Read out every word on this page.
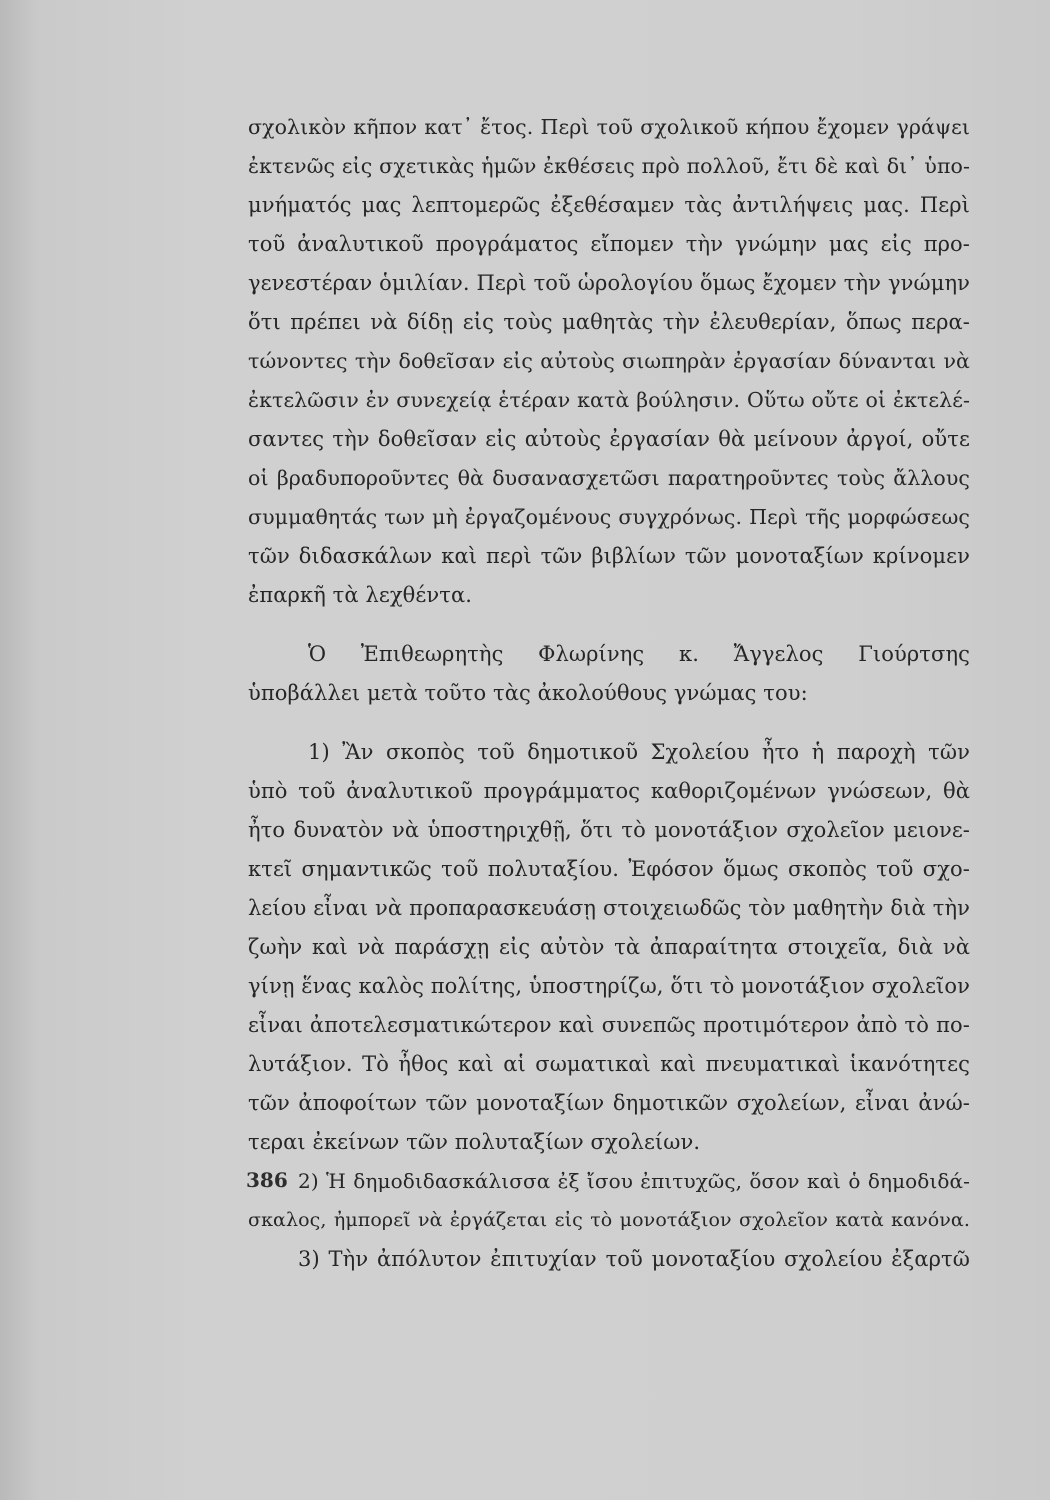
σχολικὸν κῆπον κατ᾽ ἔτος. Περὶ τοῦ σχολικοῦ κήπου ἔχομεν γράψει
ἐκτενῶς εἰς σχετικὰς ἡμῶν ἐκθέσεις πρὸ πολλοῦ, ἔτι δὲ καὶ δι᾽ ὑπο-
μνήματός μας λεπτομερῶς ἐξεθέσαμεν τὰς ἀντιλήψεις μας. Περὶ
τοῦ ἀναλυτικοῦ προγράματος εἴπομεν τὴν γνώμην μας εἰς προ-
γενεστέραν ὁμιλίαν. Περὶ τοῦ ὡρολογίου ὅμως ἔχομεν τὴν γνώμην
ὅτι πρέπει νὰ δίδῃ εἰς τοὺς μαθητὰς τὴν ἐλευθερίαν, ὅπως περα-
τώνοντες τὴν δοθεῖσαν εἰς αὐτοὺς σιωπηρὰν ἐργασίαν δύνανται νὰ
ἐκτελῶσιν ἐν συνεχείᾳ ἑτέραν κατὰ βούλησιν. Οὕτω οὔτε οἱ ἐκτελέ-
σαντες τὴν δοθεῖσαν εἰς αὐτοὺς ἐργασίαν θὰ μείνουν ἀργοί, οὔτε
οἱ βραδυποροῦντες θὰ δυσανασχετῶσι παρατηροῦντες τοὺς ἄλλους
συμμαθητάς των μὴ ἐργαζομένους συγχρόνως. Περὶ τῆς μορφώσεως
τῶν διδασκάλων καὶ περὶ τῶν βιβλίων τῶν μονοταξίων κρίνομεν
ἐπαρκῆ τὰ λεχθέντα.
Ὁ Ἐπιθεωρητὴς Φλωρίνης κ. Ἄγγελος Γιούρτσης
ὑποβάλλει μετὰ τοῦτο τὰς ἀκολούθους γνώμας του:
1) Ἂν σκοπὸς τοῦ δημοτικοῦ Σχολείου ἦτο ἡ παροχὴ τῶν
ὑπὸ τοῦ ἀναλυτικοῦ προγράμματος καθοριζομένων γνώσεων, θὰ
ἦτο δυνατὸν νὰ ὑποστηριχθῇ, ὅτι τὸ μονοτάξιον σχολεῖον μειονε-
κτεῖ σημαντικῶς τοῦ πολυταξίου. Ἐφόσον ὅμως σκοπὸς τοῦ σχο-
λείου εἶναι νὰ προπαρασκευάσῃ στοιχειωδῶς τὸν μαθητὴν διὰ τὴν
ζωὴν καὶ νὰ παράσχῃ εἰς αὐτὸν τὰ ἀπαραίτητα στοιχεῖα, διὰ νὰ
γίνῃ ἕνας καλὸς πολίτης, ὑποστηρίζω, ὅτι τὸ μονοτάξιον σχολεῖον
εἶναι ἀποτελεσματικώτερον καὶ συνεπῶς προτιμότερον ἀπὸ τὸ πο-
λυτάξιον. Τὸ ἦθος καὶ αἱ σωματικαὶ καὶ πνευματικαὶ ἱκανότητες
τῶν ἀποφοίτων τῶν μονοταξίων δημοτικῶν σχολείων, εἶναι ἀνώ-
τεραι ἐκείνων τῶν πολυταξίων σχολείων.
2) Ἡ δημοδιδασκάλισσα ἐξ ἴσου ἐπιτυχῶς, ὅσον καὶ ὁ δημοδιδά-
σκαλος, ἠμπορεῖ νὰ ἐργάζεται εἰς τὸ μονοτάξιον σχολεῖον κατὰ κανόνα.
3) Τὴν ἀπόλυτον ἐπιτυχίαν τοῦ μονοταξίου σχολείου ἐξαρτῶ
386
